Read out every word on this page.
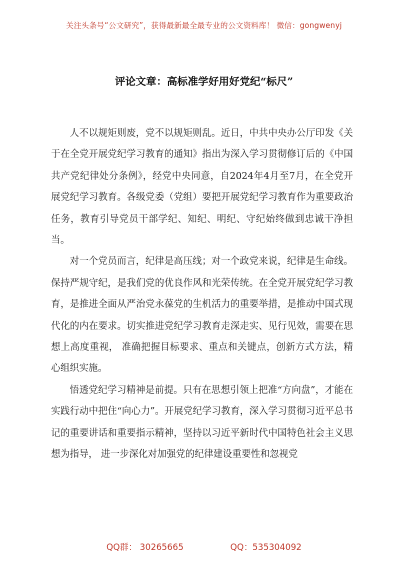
关注头条号“公文研究”，获得最新最全最专业的公文资料库！ 微信：gongwenyj
评论文章：高标准学好用好党纪“标尺”

人不以规矩则废，党不以规矩则乱。近日，中共中央办公厅印发《关于在全党开展党纪学习教育的通知》指出为深入学习贯彻修订后的《中国共产党纪律处分条例》，经党中央同意，自2024年4月至7月，在全党开展党纪学习教育。各级党委（党组）要把开展党纪学习教育作为重要政治任务，教育引导党员干部学纪、知纪、明纪、守纪始终做到忠诚干净担当。

对一个党员而言，纪律是高压线；对一个政党来说，纪律是生命线。保持严规守纪，是我们党的优良作风和光荣传统。在全党开展党纪学习教育，是推进全面从严治党永葆党的生机活力的重要举措，是推动中国式现代化的内在要求。切实推进党纪学习教育走深走实、见行见效，需要在思想上高度重视， 准确把握目标要求、重点和关键点，创新方式方法，精心组织实施。

悟透党纪学习精神是前提。只有在思想引领上把准“方向盘”，才能在实践行动中把住“向心力”。开展党纪学习教育，深入学习贯彻习近平总书记的重要讲话和重要指示精神，坚持以习近平新时代中国特色社会主义思想为指导， 进一步深化对加强党的纪律建设重要性和忽视党

QQ群： 30265665	QQ：535304092
